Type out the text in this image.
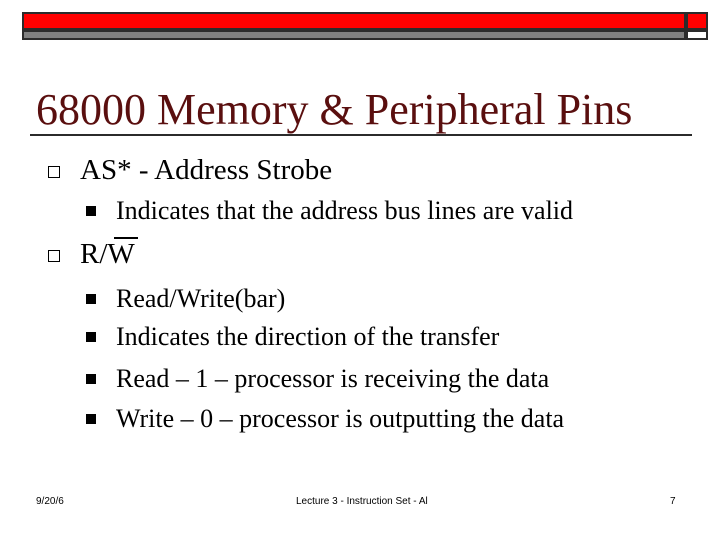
68000 Memory & Peripheral Pins
AS* - Address Strobe
Indicates that the address bus lines are valid
R/W
Read/Write(bar)
Indicates the direction of the transfer
Read – 1 – processor is receiving the data
Write – 0 – processor is outputting the data
9/20/6	Lecture 3 - Instruction Set - Al	7
